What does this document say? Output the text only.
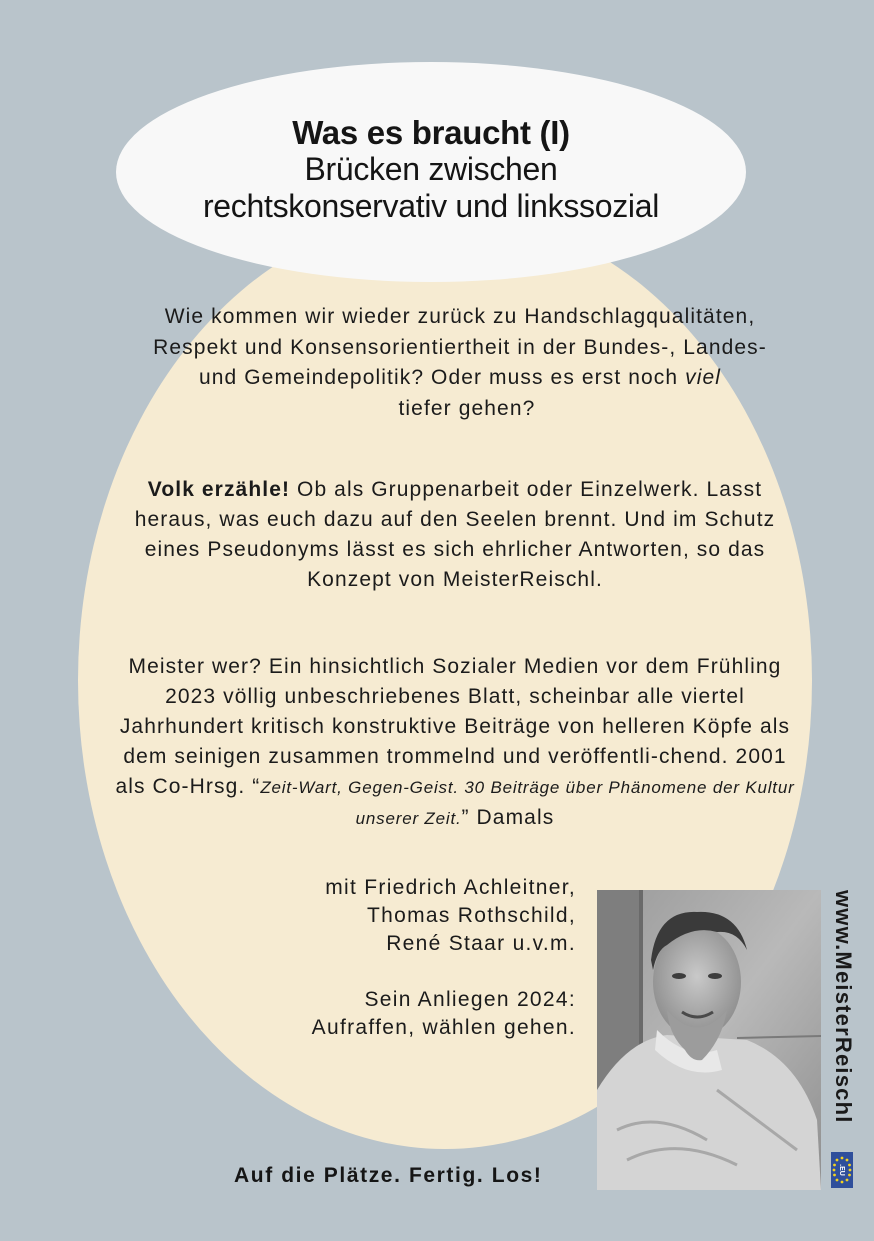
Was es braucht (I)
Brücken zwischen
rechtskonservativ und linkssozial
Wie kommen wir wieder zurück zu Handschlagqualitäten, Respekt und Konsensorientiertheit in der Bundes-, Landes-und Gemeindepolitik? Oder muss es erst noch viel  tiefer gehen?
Volk erzähle! Ob als Gruppenarbeit oder Einzelwerk. Lasst heraus, was euch dazu auf den Seelen brennt. Und im Schutz eines Pseudonyms lässt es sich ehrlicher Antworten, so das Konzept von MeisterReischl.
Meister wer? Ein hinsichtlich Sozialer Medien vor dem Frühling 2023 völlig unbeschriebenes Blatt, scheinbar alle viertel Jahrhundert kritisch konstruktive Beiträge von helleren Köpfe als dem seinigen zusammen trommelnd und veröffentli-chend. 2001 als Co-Hrsg. “Zeit-Wart, Gegen-Geist. 30 Beiträge über Phänomene der Kultur unserer Zeit.” Damals
mit Friedrich Achleitner,
Thomas Rothschild,
René Staar u.v.m.
Sein Anliegen 2024:
Aufraffen, wählen gehen.
Auf die Plätze. Fertig. Los!
www.MeisterReischl
.EU
